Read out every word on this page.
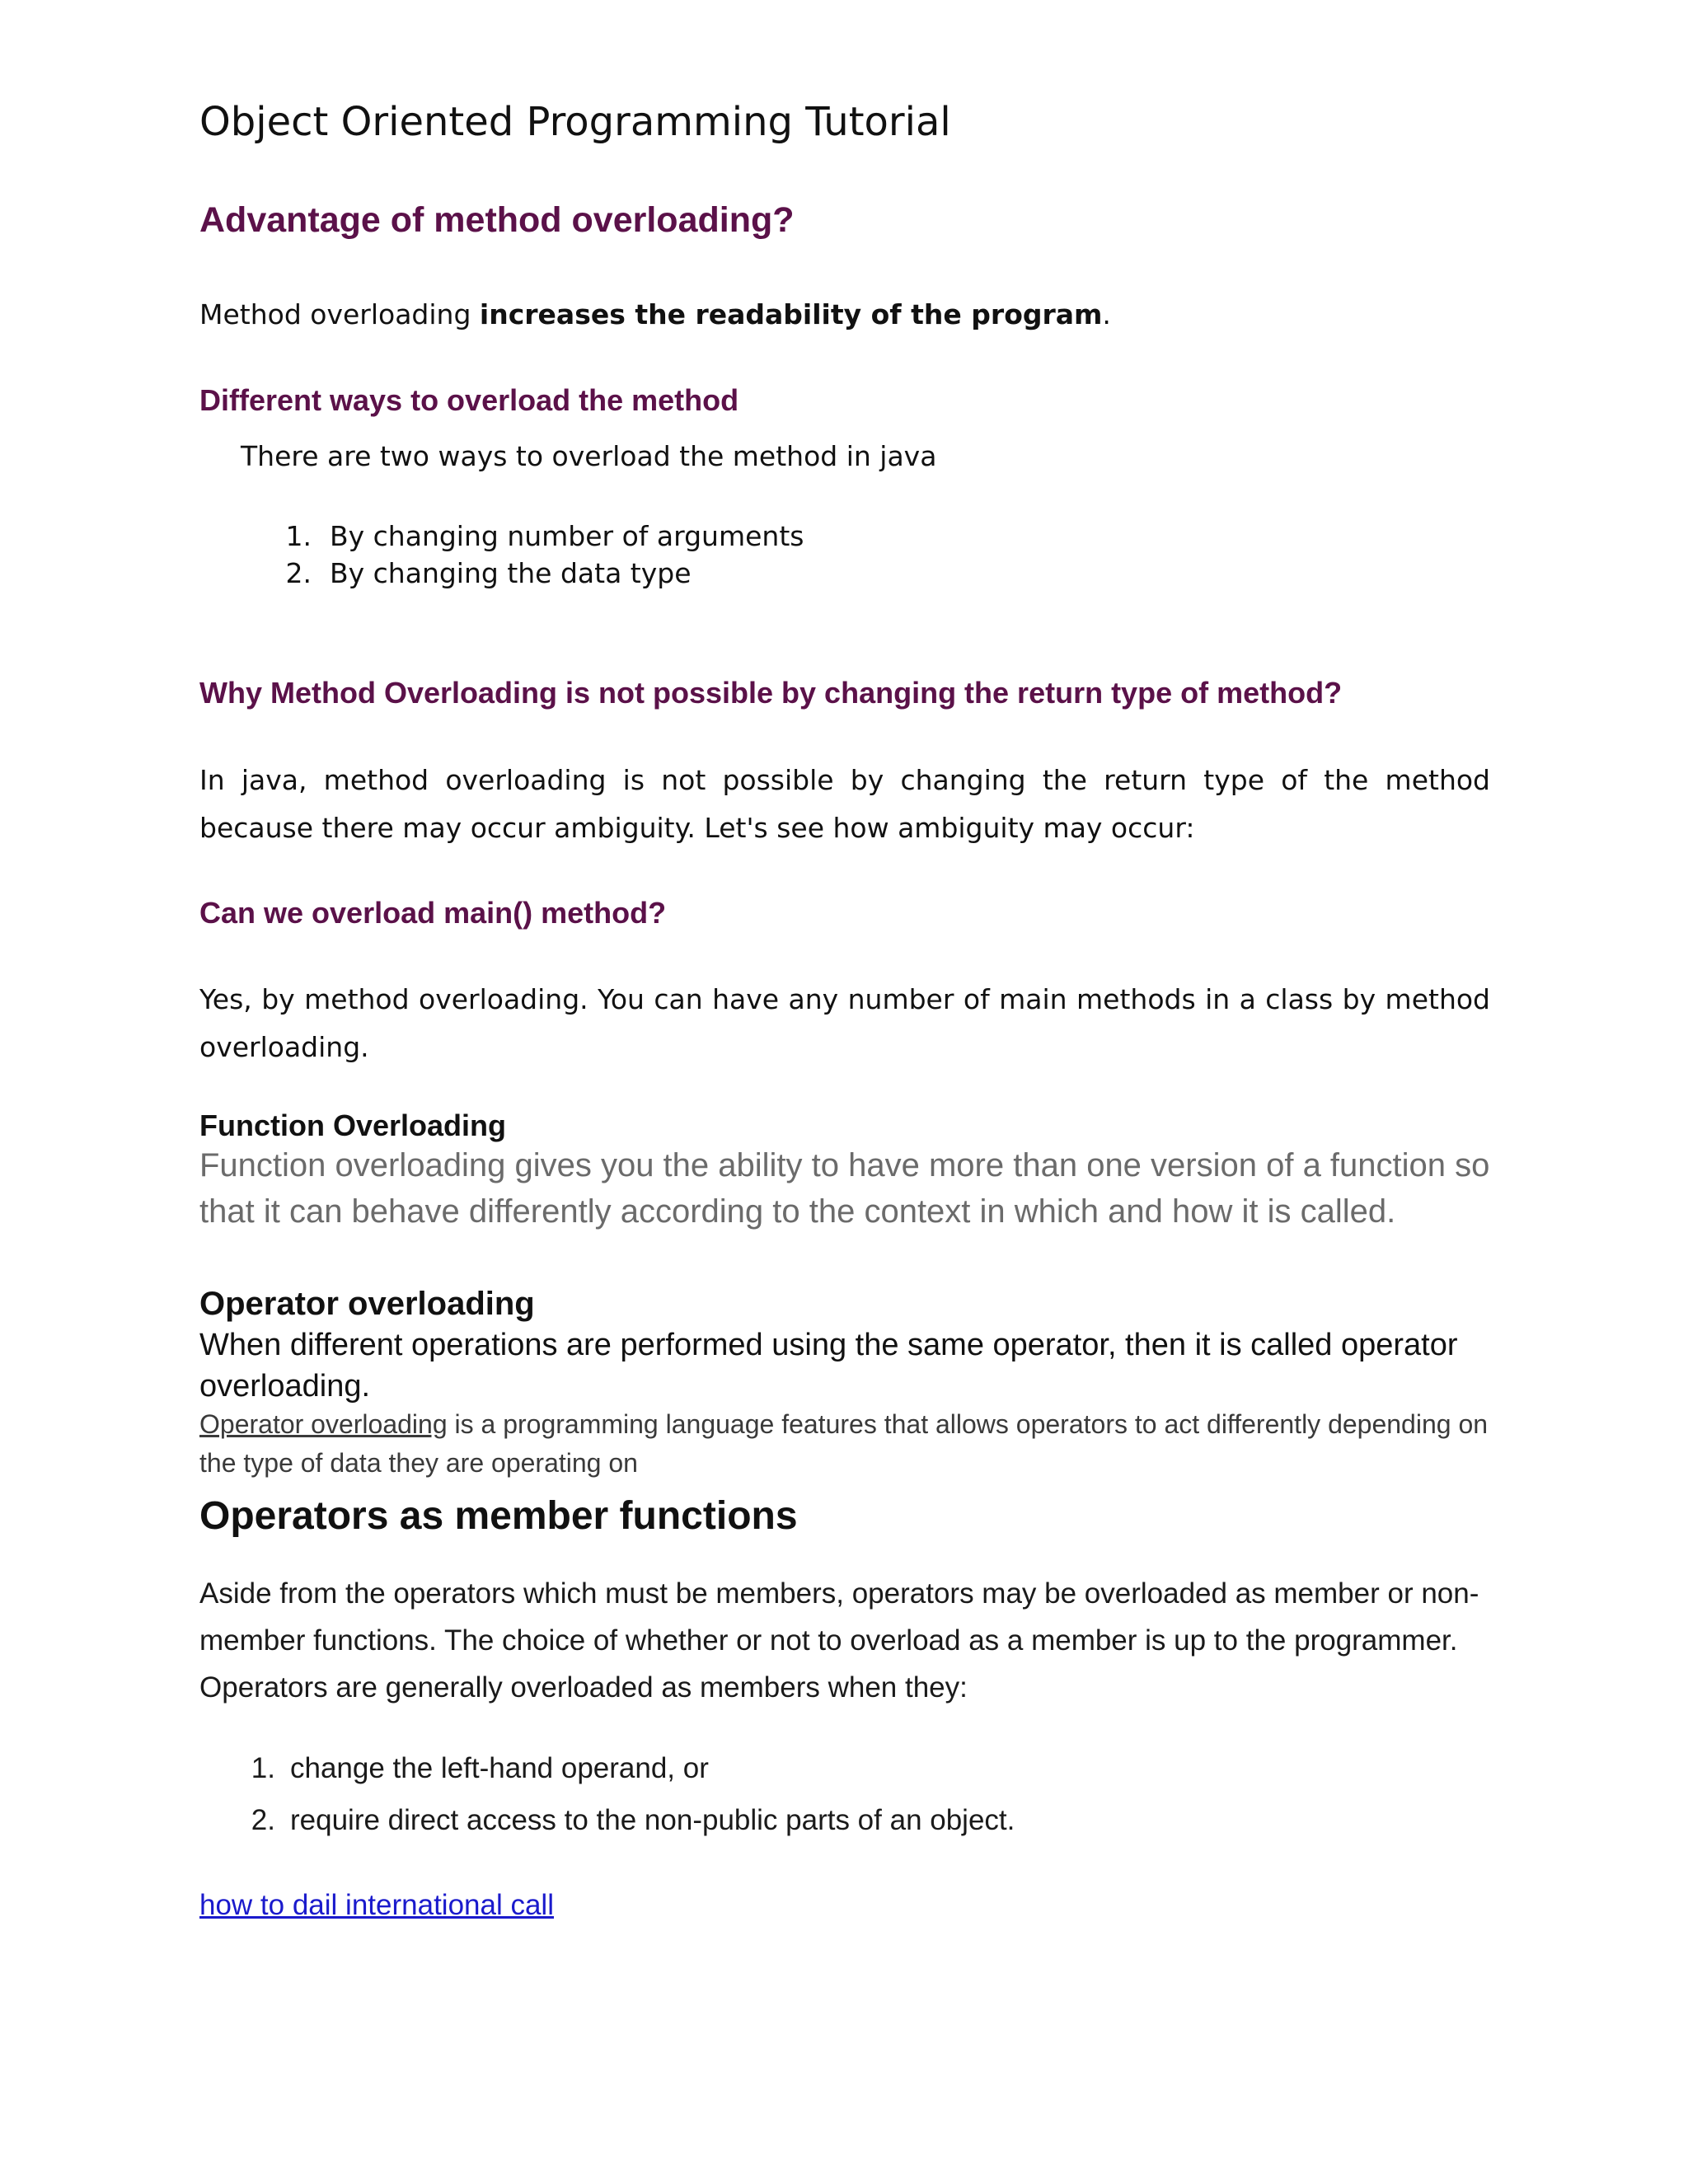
Object Oriented Programming Tutorial
Advantage of method overloading?
Method overloading increases the readability of the program.
Different ways to overload the method
There are two ways to overload the method in java
1. By changing number of arguments
2. By changing the data type
Why Method Overloading is not possible by changing the return type of method?
In java, method overloading is not possible by changing the return type of the method because there may occur ambiguity. Let's see how ambiguity may occur:
Can we overload main() method?
Yes, by method overloading. You can have any number of main methods in a class by method overloading.
Function Overloading
Function overloading gives you the ability to have more than one version of a function so that it can behave differently according to the context in which and how it is called.
Operator overloading
When different operations are performed using the same operator, then it is called operator overloading.
Operator overloading is a programming language features that allows operators to act differently depending on the type of data they are operating on
Operators as member functions
Aside from the operators which must be members, operators may be overloaded as member or non-member functions. The choice of whether or not to overload as a member is up to the programmer. Operators are generally overloaded as members when they:
1. change the left-hand operand, or
2. require direct access to the non-public parts of an object.
how to dail international call
